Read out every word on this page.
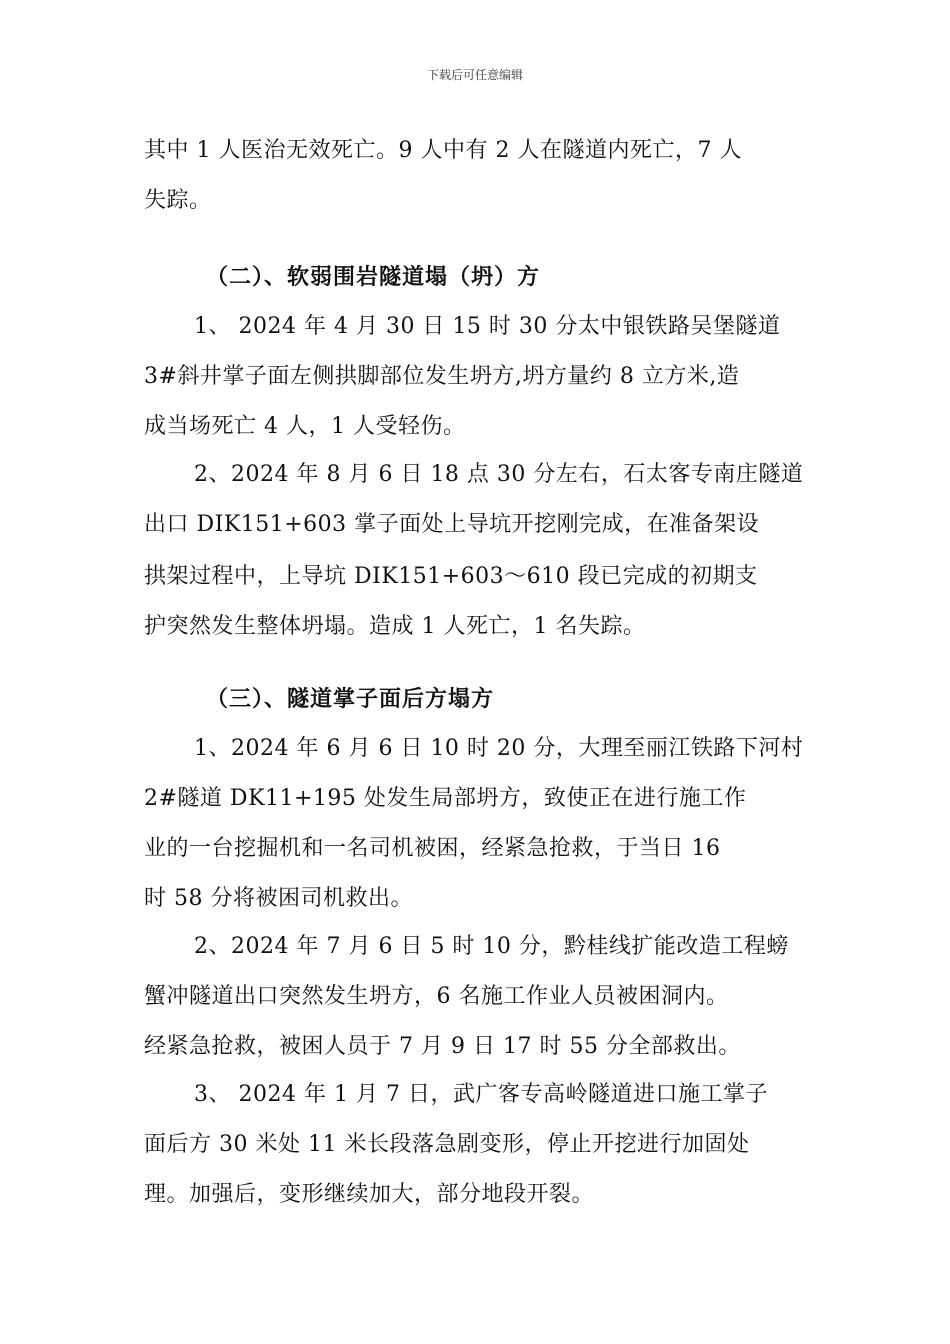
下载后可任意编辑
其中 1 人医治无效死亡。9 人中有 2 人在隧道内死亡，7 人
失踪。
（二）、软弱围岩隧道塌（坍）方
1、 2024 年 4 月 30 日 15 时 30 分太中银铁路吴堡隧道
3#斜井掌子面左侧拱脚部位发生坍方,坍方量约 8 立方米,造
成当场死亡 4 人，1 人受轻伤。
2、2024 年 8 月 6 日 18 点 30 分左右，石太客专南庄隧道
出口 DIK151+603 掌子面处上导坑开挖刚完成，在准备架设
拱架过程中，上导坑 DIK151+603～610 段已完成的初期支
护突然发生整体坍塌。造成 1 人死亡，1 名失踪。
（三）、隧道掌子面后方塌方
1、2024 年 6 月 6 日 10 时 20 分，大理至丽江铁路下河村
2#隧道 DK11+195 处发生局部坍方，致使正在进行施工作
业的一台挖掘机和一名司机被困，经紧急抢救，于当日 16
时 58 分将被困司机救出。
2、2024 年 7 月 6 日 5 时 10 分，黔桂线扩能改造工程螃
蟹冲隧道出口突然发生坍方，6 名施工作业人员被困洞内。
经紧急抢救，被困人员于 7 月 9 日 17 时 55 分全部救出。
3、 2024 年 1 月 7 日，武广客专高岭隧道进口施工掌子
面后方 30 米处 11 米长段落急剧变形，停止开挖进行加固处
理。加强后，变形继续加大，部分地段开裂。
